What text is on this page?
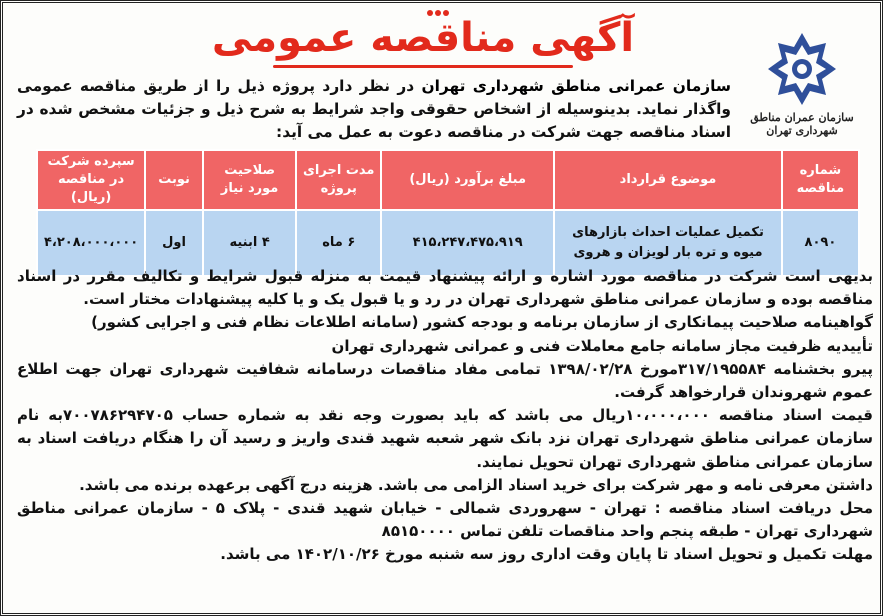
آگهی مناقصه عمومی
سازمان عمران مناطق شهرداری تهران
سازمان عمرانی مناطق شهرداری تهران در نظر دارد پروژه ذیل را از طریق مناقصه عمومی واگذار نماید. بدینوسیله از اشخاص حقوقی واجد شرایط به شرح ذیل و جزئیات مشخص شده در اسناد مناقصه جهت شرکت در مناقصه دعوت به عمل می آید:
شماره مناقصه	موضوع قرارداد	مبلغ برآورد (ریال)	مدت اجرای پروژه	صلاحیت مورد نیاز	نوبت	سپرده شرکت در مناقصه (ریال)
۸۰۹۰	تکمیل عملیات احداث بازارهای میوه و تره بار لویزان و هروی	۴۱۵،۲۴۷،۴۷۵،۹۱۹	۶ ماه	۴ ابنیه	اول	۴،۲۰۸،۰۰۰،۰۰۰

بدیهی است شرکت در مناقصه مورد اشاره و ارائه پیشنهاد قیمت به منزله قبول شرایط و تکالیف مقرر در اسناد مناقصه بوده و سازمان عمرانی مناطق شهرداری تهران در رد و یا قبول یک و یا کلیه پیشنهادات مختار است.

گواهینامه صلاحیت پیمانکاری از سازمان برنامه و بودجه کشور (سامانه اطلاعات نظام فنی و اجرایی کشور)

تأییدیه ظرفیت مجاز سامانه جامع معاملات فنی و عمرانی شهرداری تهران

پیرو بخشنامه ۳۱۷/۱۹۵۵۸۴مورخ ۱۳۹۸/۰۲/۲۸ تمامی مفاد مناقصات درسامانه شفافیت شهرداری تهران جهت اطلاع عموم شهروندان قرارخواهد گرفت.

قیمت اسناد مناقصه ۱۰،۰۰۰،۰۰۰ریال می باشد که باید بصورت وجه نقد به شماره حساب ۷۰۰۷۸۶۲۹۴۷۰۵به نام سازمان عمرانی مناطق شهرداری تهران نزد بانک شهر شعبه شهید قندی واریز و رسید آن را هنگام دریافت اسناد به سازمان عمرانی مناطق شهرداری تهران تحویل نمایند.

داشتن معرفی نامه و مهر شرکت برای خرید اسناد الزامی می باشد. هزینه درج آگهی برعهده برنده می باشد.

محل دریافت اسناد مناقصه : تهران - سهروردی شمالی - خیابان شهید قندی - پلاک ۵ - سازمان عمرانی مناطق شهرداری تهران - طبقه پنجم واحد مناقصات تلفن تماس ۸۵۱۵۰۰۰۰

مهلت تکمیل و تحویل اسناد تا پایان وقت اداری روز سه شنبه مورخ ۱۴۰۲/۱۰/۲۶ می باشد.
